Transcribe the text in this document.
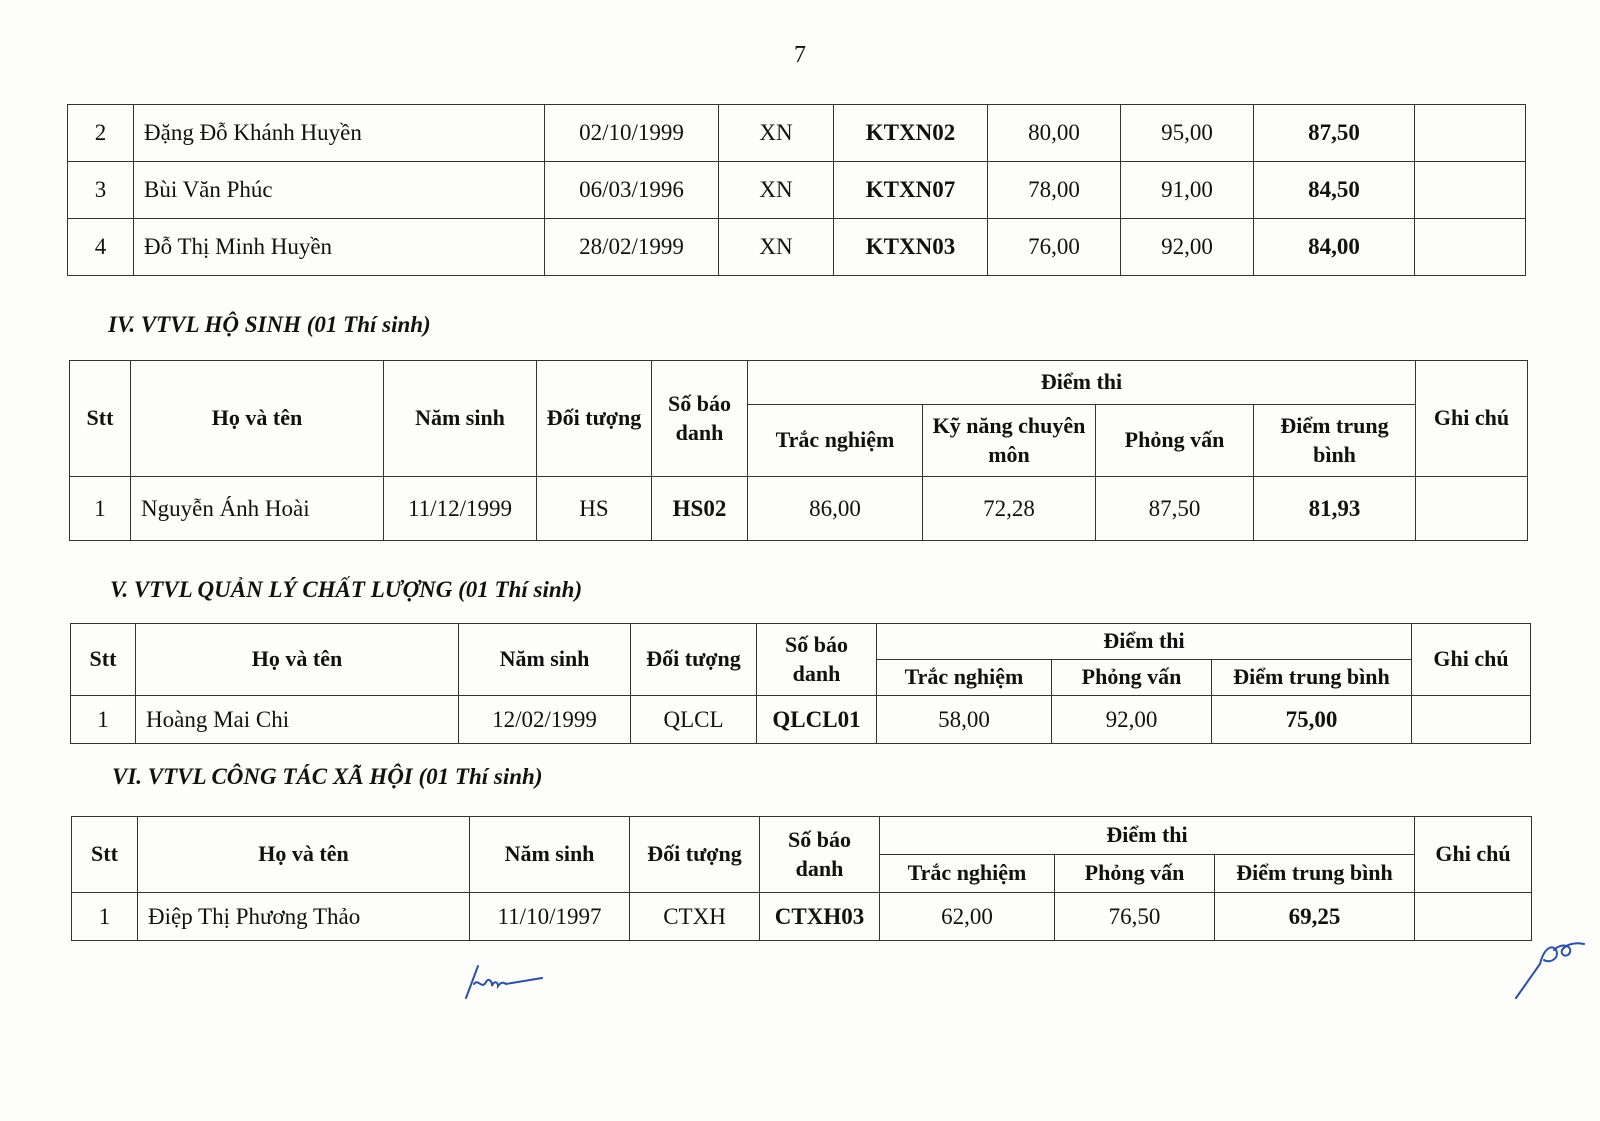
7
2	Đặng Đỗ Khánh Huyền	02/10/1999	XN	KTXN02	80,00	95,00	87,50	
3	Bùi Văn Phúc	06/03/1996	XN	KTXN07	78,00	91,00	84,50	
4	Đỗ Thị Minh Huyền	28/02/1999	XN	KTXN03	76,00	92,00	84,00	
IV. VTVL HỘ SINH (01 Thí sinh)
Stt	Họ và tên	Năm sinh	Đối tượng	Số báo danh	Điểm thi				Ghi chú
					Trắc nghiệm	Kỹ năng chuyên môn	Phỏng vấn	Điểm trung bình	
1	Nguyễn Ánh Hoài	11/12/1999	HS	HS02	86,00	72,28	87,50	81,93	
V. VTVL QUẢN LÝ CHẤT LƯỢNG (01 Thí sinh)
Stt	Họ và tên	Năm sinh	Đối tượng	Số báo danh	Điểm thi			Ghi chú
					Trắc nghiệm	Phỏng vấn	Điểm trung bình	
1	Hoàng Mai Chi	12/02/1999	QLCL	QLCL01	58,00	92,00	75,00	
VI. VTVL CÔNG TÁC XÃ HỘI (01 Thí sinh)
Stt	Họ và tên	Năm sinh	Đối tượng	Số báo danh	Điểm thi			Ghi chú
					Trắc nghiệm	Phỏng vấn	Điểm trung bình	
1	Điệp Thị Phương Thảo	11/10/1997	CTXH	CTXH03	62,00	76,50	69,25	
